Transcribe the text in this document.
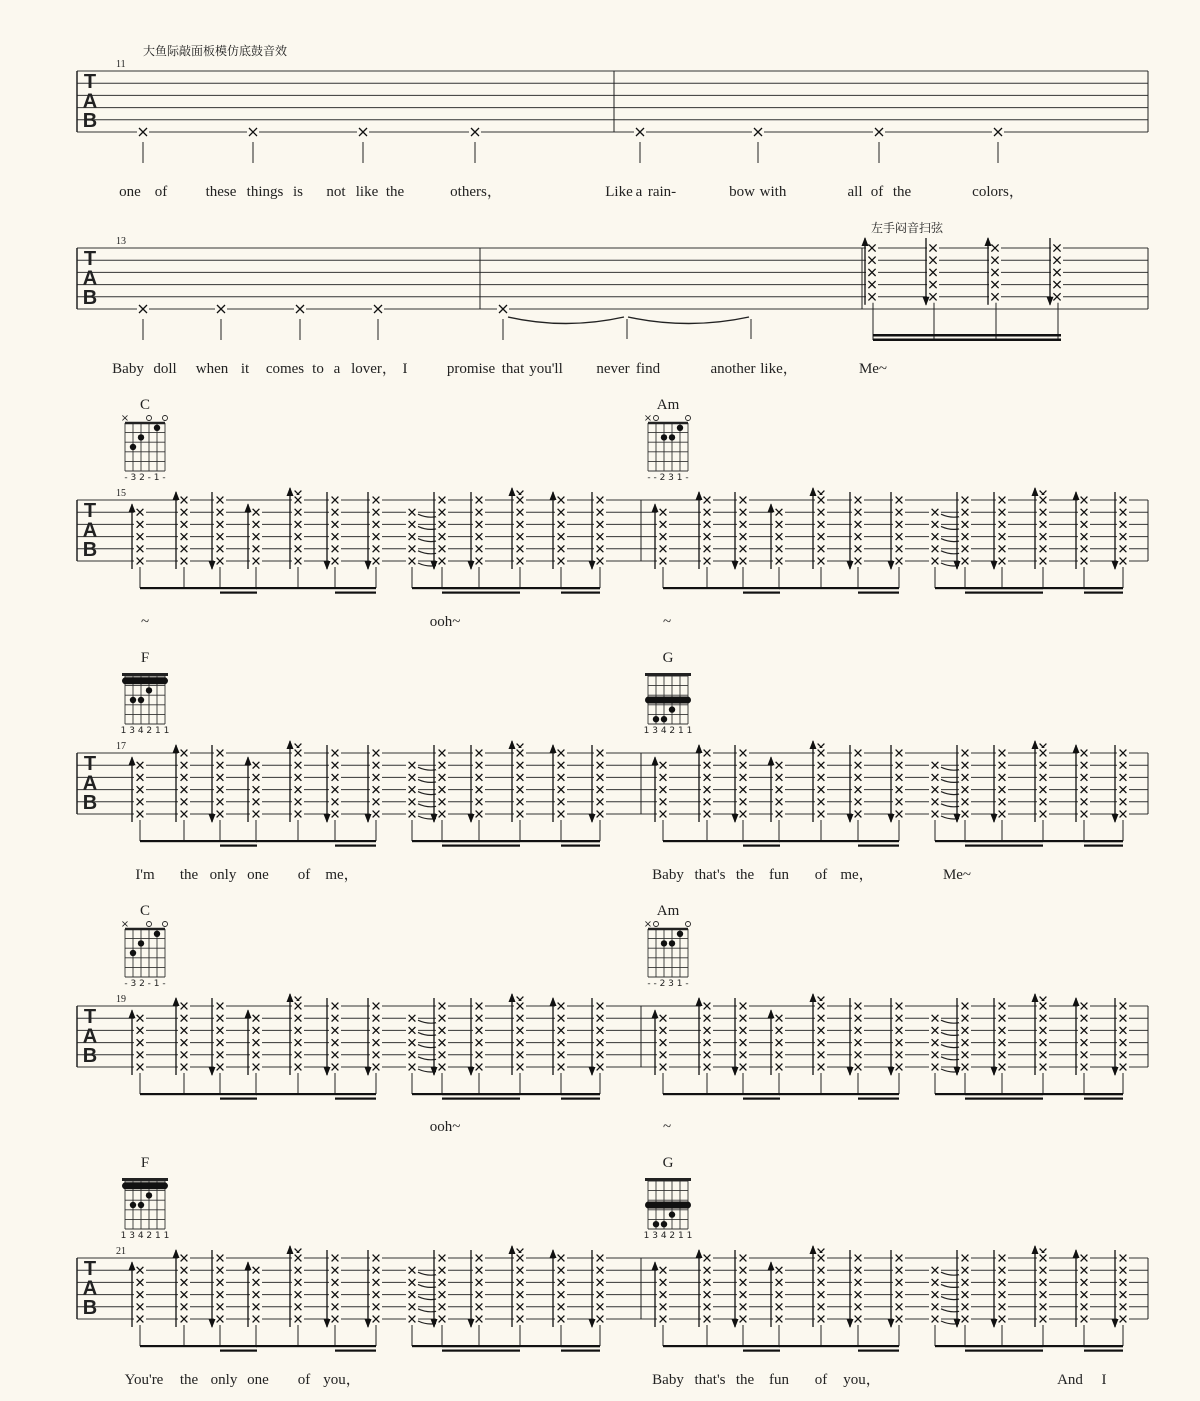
T
A
B
11
大鱼际敲面板模仿底鼓音效
T
A
B
13
左手闷音扫弦
T
A
B
15
C
×
- 3 2 - 1 -
Am
×
- - 2 3 1 -
T
A
B
17
F
1 3 4 2 1 1
G
1 3 4 2 1 1
T
A
B
19
C
×
- 3 2 - 1 -
Am
×
- - 2 3 1 -
T
A
B
21
F
1 3 4 2 1 1
G
1 3 4 2 1 1
one of	these things is not like the	others，	Like a rain-	bow with	all of the	colors，
Baby doll when it comes to a lover， I	promise that you'll never find	another like，	Me~
~	ooh~	~
I'm the only one of me，	Baby that's the fun of me，	Me~
ooh~	~
You're the only one of you，	Baby that's the fun of you，	And I
